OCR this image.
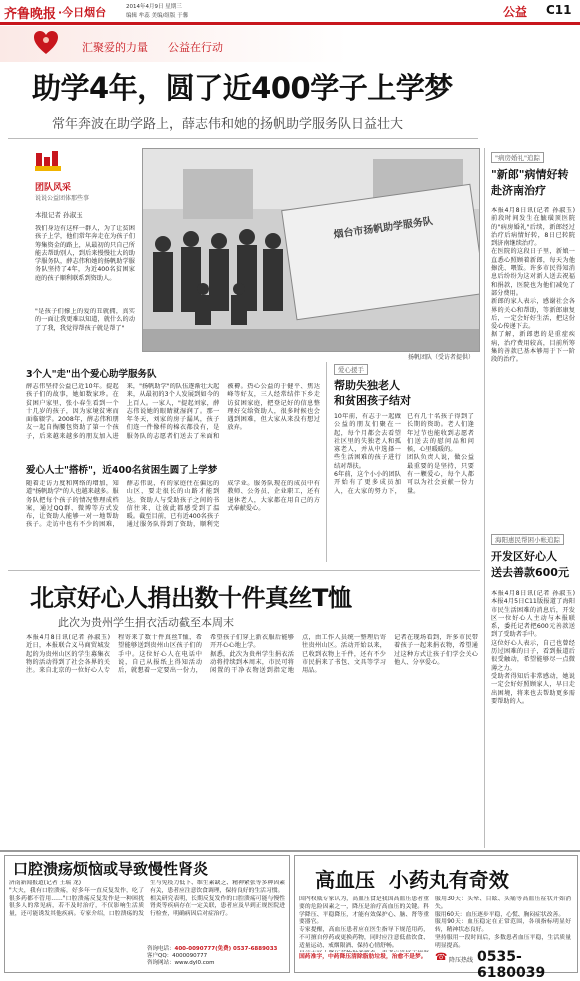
齐鲁晚报 ·今日烟台	2014年4月9日 星期三
编辑 牟蕊 美编/组版 于馨	公益 C11
汇聚爱的力量 公益在行动
助学4年，圆了近400学子上学梦
常年奔波在助学路上，薛志伟和她的扬帆助学服务队日益壮大
团队风采
说说公益团体那些事
本报记者 孙淑玉
我们身边有这样一群人，为了让贫困孩子上学，他们常年奔走在为孩子们筹集资金的路上，从最初的只自己所能去帮助别人，到后来慢慢壮大的助学服务队，薛志伟和她的扬帆助学服务队坚持了4年，为近400名贫困家庭的孩子顺利联系到资助人。
"是孩子们撑上的爱的丑就拥，真实的一面让我更难以知道，就什么的动了了我，我觉得帮孩子就是帮了"
烟台市扬帆助学服务队
扬帆团队（受访者提供）
3个人"走"出个爱心助学服务队
薛志伟坚持公益已近10年。提起孩子们的故事，她如数家珍。在贫困户家里，张小春生看到一个十几岁的孩子，因为家境贫寒而面临辍学。2008年，薛志伟和朋友一起自掏腰包资助了第一个孩子，后来越来越多的朋友加入进来，"扬帆助学"的队伍逐渐壮大起来，从最初的3个人发展到如今的上百人。一家人，"提起刘家，薛志伟说她的眼睛就湿润了。那一年冬天，刘家的房子漏风，孩子们连一件像样的棉衣都没有，是服务队的志愿者们送去了米面和被褥。热心公益的于健平、焦达峰等好友，三人经常结伴下乡走访贫困家庭，把登记好的信息整理好交给资助人，很多时候也会遇到困难，但大家从来没有想过放弃。
爱心人士"搭桥"，近400名贫困生圆了上学梦
随着走访力度和网络的增加，知道"扬帆助学"的人也越来越多。服务队把每个孩子的情况整理成档案，通过QQ群、微博等方式发布，让资助人能够一对一地帮助孩子。走访中也有不少的困难，薛志伟说，有的家庭住在偏远的山区，要走很长的山路才能到达。资助人与受助孩子之间的书信往来，让彼此都感受到了温暖。截至目前，已有近400名孩子通过服务队得到了资助，顺利完成学业。服务队现在的成员中有教师、公务员、企业职工，还有退休老人，大家都在用自己的方式奉献爱心。
爱心援手
帮助失独老人
和贫困孩子结对
10年前，有志于一起做公益的朋友们聚在一起，每个月都会去看望社区里的失独老人和孤寡老人，并从中选择一些生活困难的孩子进行结对帮扶。
6年前，这个小小的团队开始有了更多成员加入，在大家的努力下，已有几十名孩子得到了长期的资助。老人们逢年过节也能收到志愿者们送去的慰问品和问候，心里暖暖的。
团队负责人说，做公益最重要的是坚持，只要有一颗爱心，每个人都可以为社会贡献一份力量。
"病房婚礼"追踪
"新郎"病情好转
赴济南治疗
本报4月8日讯(记者 孙淑玉) 前段时间发生在毓璜顶医院的"病房婚礼"后续，新郎经过治疗后病情好转，8日已转院到济南继续治疗。
在医院的这段日子里，新娘一直悉心照顾着新郎，每天为他擦洗、喂饭。许多市民得知消息后纷纷为这对新人送去祝福和捐款，医院也为他们减免了部分费用。
新郎的家人表示，感谢社会各界的关心和帮助，等新郎康复后，一定会好好生活，把这份爱心传递下去。
据了解，新郎患的是重症疾病，治疗费用较高，目前所筹集的善款已基本够用于下一阶段的治疗。
海阳惠民帮困小帐追踪
开发区好心人
送去善款600元
本报4月8日讯(记者 孙淑玉) 本报4月5日C11版报道了海阳市民生活困难的消息后，开发区一位好心人主动与本报联系，委托记者把600元善款送到了受助者手中。
这位好心人表示，自己也曾经历过困难的日子，看到报道后很受触动，希望能够尽一点微薄之力。
受助者得知后非常感动，她说一定会好好照顾家人，早日走出困境，将来也去帮助更多需要帮助的人。
北京好心人捐出数十件真丝T恤
此次为贵州学生捐衣活动截至本周末
本报4月8日讯(记者 孙淑玉) 近日，本报联合义马商贸城发起的为贵州山区的学生募集衣物的活动得到了社会各界的关注。来自北京的一位好心人专程寄来了数十件真丝T恤，希望能够送到贵州山区孩子们的手中。这位好心人在电话中说，自己从报纸上得知活动后，就想着一定要出一份力，希望孩子们穿上新衣服后能够开开心心地上学。
据悉，此次为贵州学生捐衣活动将持续到本周末，市民可将闲置的干净衣物送到指定地点，由工作人员统一整理后寄往贵州山区。活动开始以来，已收到衣物上千件，还有不少市民捐来了书包、文具等学习用品。
记者在现场看到，许多市民带着孩子一起来捐衣物，希望通过这种方式让孩子们学会关心他人、分享爱心。
口腔溃疡烦恼或导致慢性肾炎
济南新闻报道(记者 王瑞 龙)
"大夫，我有口腔溃疡，好多年一直反复发作，吃了很多药都不管用……"口腔溃疡反复发作是一种困扰很多人的常见病，若不及时治疗，不仅影响生活质量，还可能诱发其他疾病。专家介绍，口腔溃疡的发生与免疫力低下、维生素缺乏、精神紧张等多种因素有关，患者应注意饮食调理，保持良好的生活习惯。
相关研究表明，长期反复发作的口腔溃疡可能与慢性肾炎等疾病存在一定关联，患者应及早到正规医院进行检查，明确病因后对症治疗。
咨询电话：400-0090777(免费) 0537-6889033
客户QQ：4000090777
咨询网站：www.dyl0.com
高血压  小药丸有奇效
国内权威专家认为，高血压食是我国高血压患者重要的危险因素之一，降压是治疗高血压的关键。科学降压、平稳降压，才能有效保护心、脑、肾等重要器官。
专家提醒，高血压患者应在医生指导下规范用药，不可擅自停药或更换药物，同时应注意低盐饮食、适量运动、戒烟限酒、保持心情舒畅。

国药准字，中药降压清除脂肪垃圾，治愈不是梦。
服用30天：头晕、目眩、头痛等高血压症状开始消失。
服用60天：血压逐步平稳，心慌、胸闷症状改善。
服用90天：血压稳定在正常范围，各项指标明显好转，精神状态良好。
坚持服用一段时间后，多数患者血压平稳，生活质量明显提高。
☎ 降压热线 0535-6180039
